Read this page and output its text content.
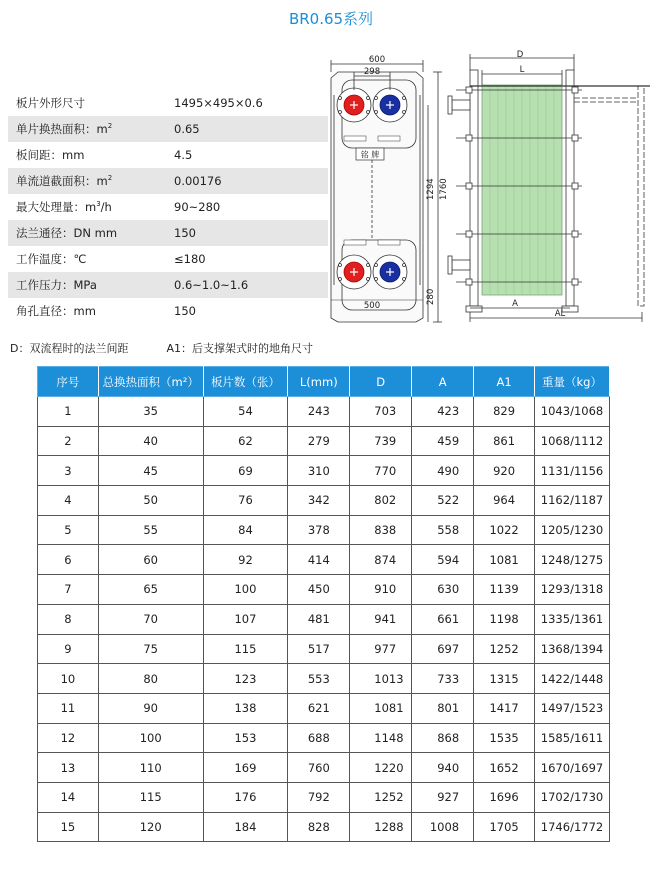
BR0.65系列
板片外形尺寸	1495×495×0.6
单片换热面积：$m^2$	0.65
板间距：mm	4.5
单流道截面积：$m^2$	0.00176
最大处理量：$m^3/h$	90~280
法兰通径：DN mm	150
工作温度：℃	≤180
工作压力：MPa	0.6~1.0~1.6
角孔直径：mm	150
铭 牌
600
298
1294 1760
280
500
D
L
A
AL
D：双流程时的法兰间距	A1：后支撑架式时的地角尺寸
序号	总换热面积（m²）	板片数（张）	L(mm)	D	A	A1	重量（kg）
1	35	54	243	703	423	829	1043/1068
2	40	62	279	739	459	861	1068/1112
3	45	69	310	770	490	920	1131/1156
4	50	76	342	802	522	964	1162/1187
5	55	84	378	838	558	1022	1205/1230
6	60	92	414	874	594	1081	1248/1275
7	65	100	450	910	630	1139	1293/1318
8	70	107	481	941	661	1198	1335/1361
9	75	115	517	977	697	1252	1368/1394
10	80	123	553	1013	733	1315	1422/1448
11	90	138	621	1081	801	1417	1497/1523
12	100	153	688	1148	868	1535	1585/1611
13	110	169	760	1220	940	1652	1670/1697
14	115	176	792	1252	927	1696	1702/1730
15	120	184	828	1288	1008	1705	1746/1772
